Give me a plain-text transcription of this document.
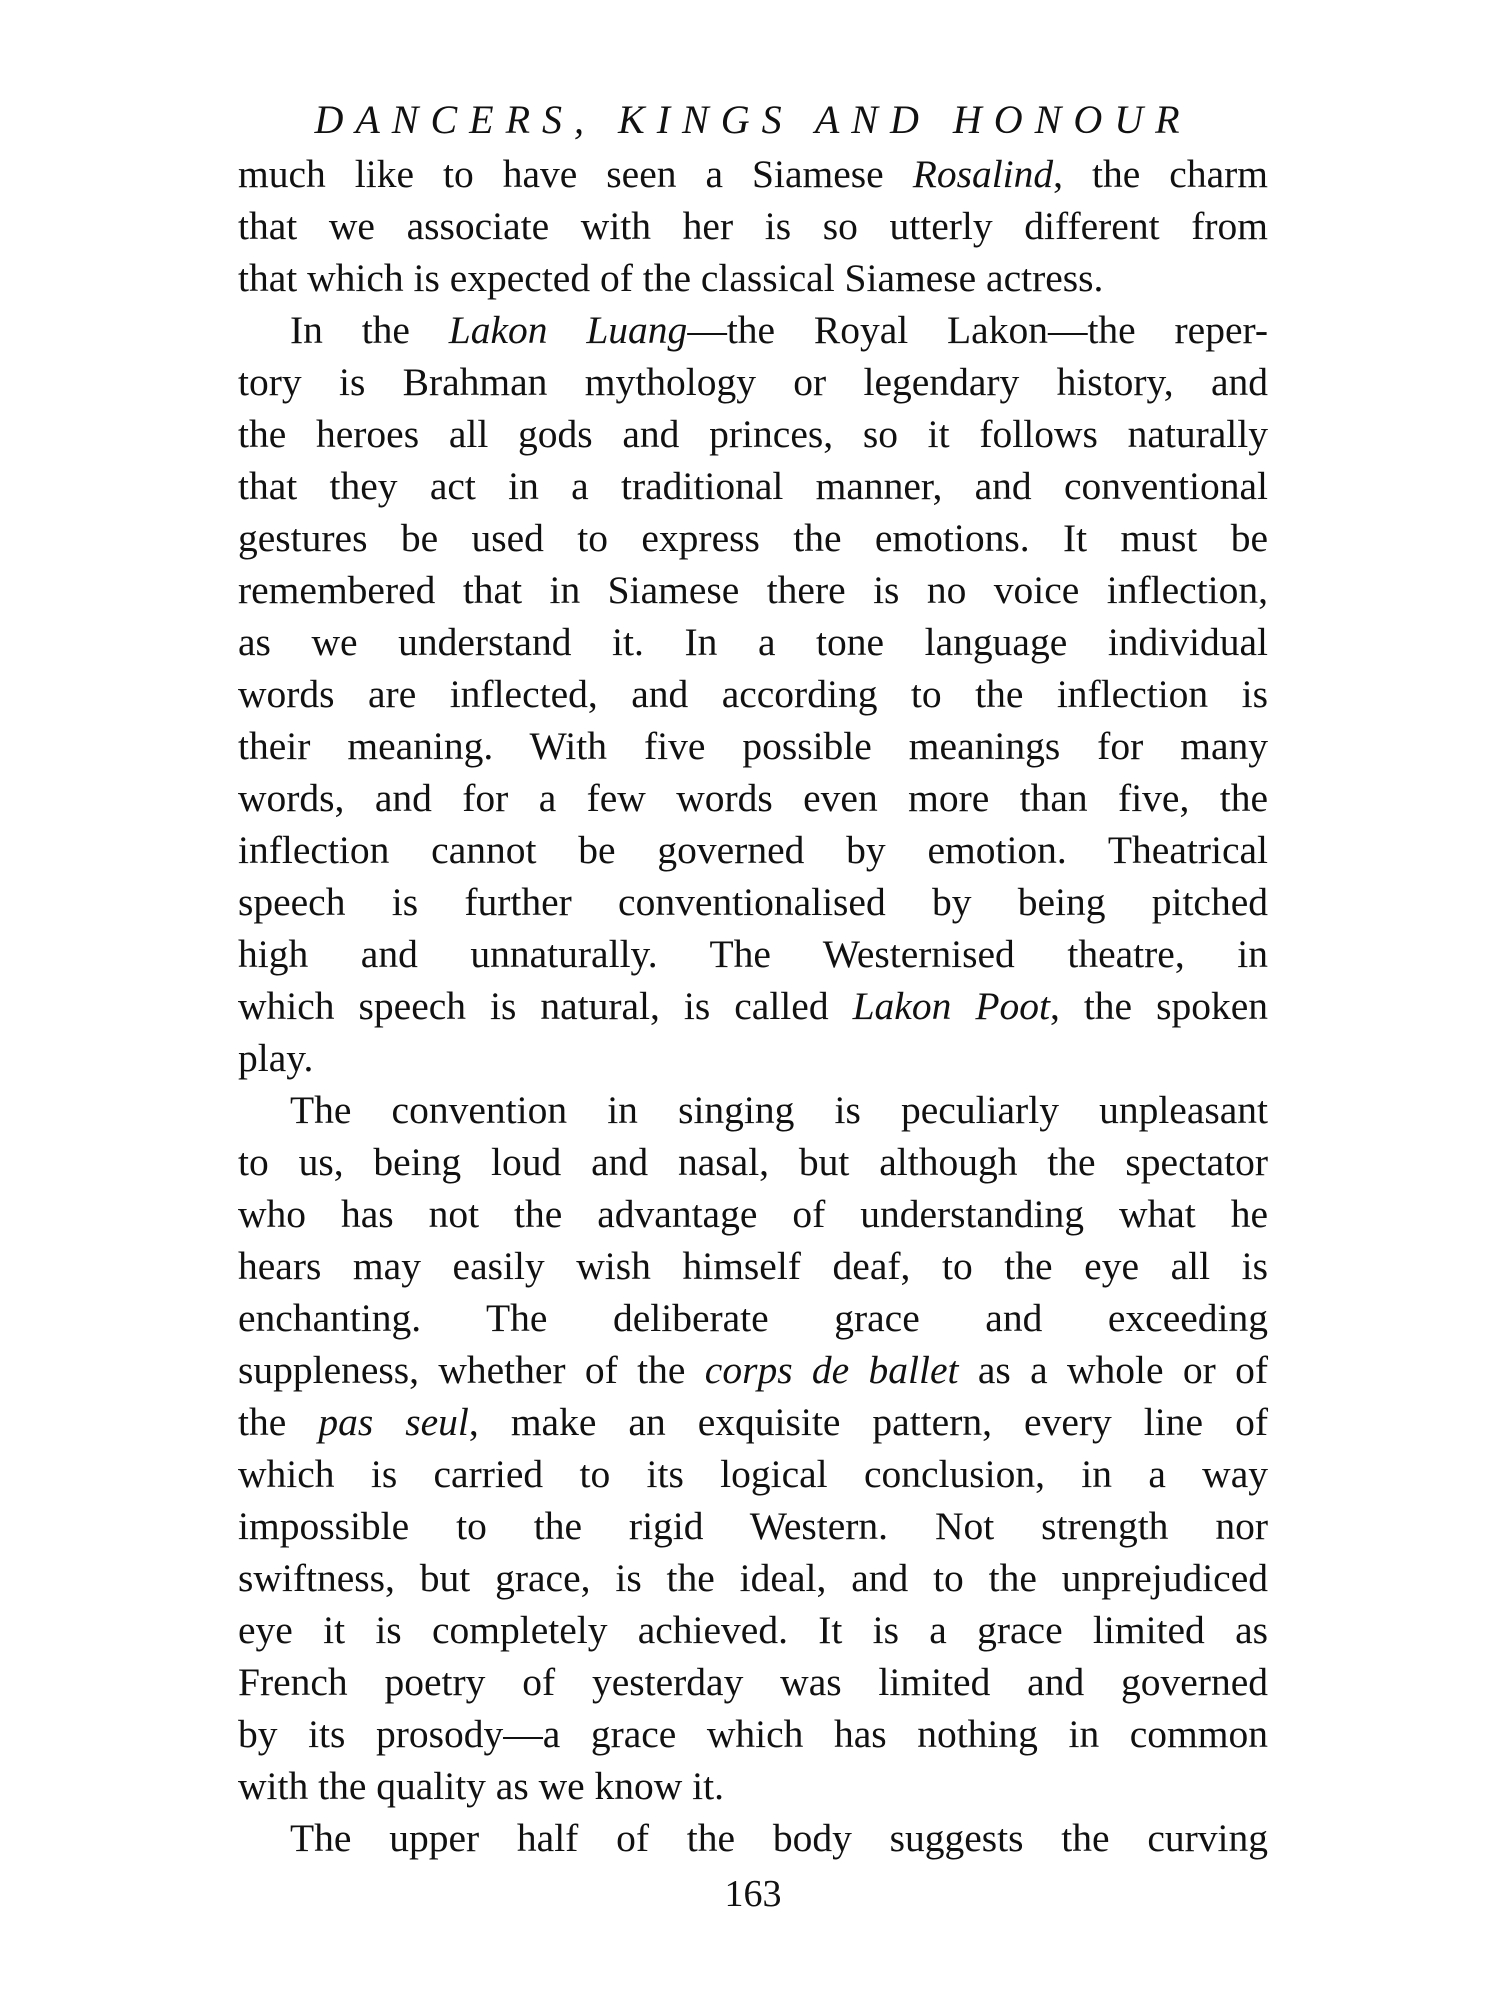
DANCERS, KINGS AND HONOUR
much like to have seen a Siamese Rosalind, the charm
that we associate with her is so utterly different from
that which is expected of the classical Siamese actress.
In the Lakon Luang—the Royal Lakon—the reper-
tory is Brahman mythology or legendary history, and
the heroes all gods and princes, so it follows naturally
that they act in a traditional manner, and conventional
gestures be used to express the emotions. It must be
remembered that in Siamese there is no voice inflection,
as we understand it. In a tone language individual
words are inflected, and according to the inflection is
their meaning. With five possible meanings for many
words, and for a few words even more than five, the
inflection cannot be governed by emotion. Theatrical
speech is further conventionalised by being pitched
high and unnaturally. The Westernised theatre, in
which speech is natural, is called Lakon Poot, the spoken
play.
The convention in singing is peculiarly unpleasant
to us, being loud and nasal, but although the spectator
who has not the advantage of understanding what he
hears may easily wish himself deaf, to the eye all is
enchanting. The deliberate grace and exceeding
suppleness, whether of the corps de ballet as a whole or of
the pas seul, make an exquisite pattern, every line of
which is carried to its logical conclusion, in a way
impossible to the rigid Western. Not strength nor
swiftness, but grace, is the ideal, and to the unprejudiced
eye it is completely achieved. It is a grace limited as
French poetry of yesterday was limited and governed
by its prosody—a grace which has nothing in common
with the quality as we know it.
The upper half of the body suggests the curving
163
